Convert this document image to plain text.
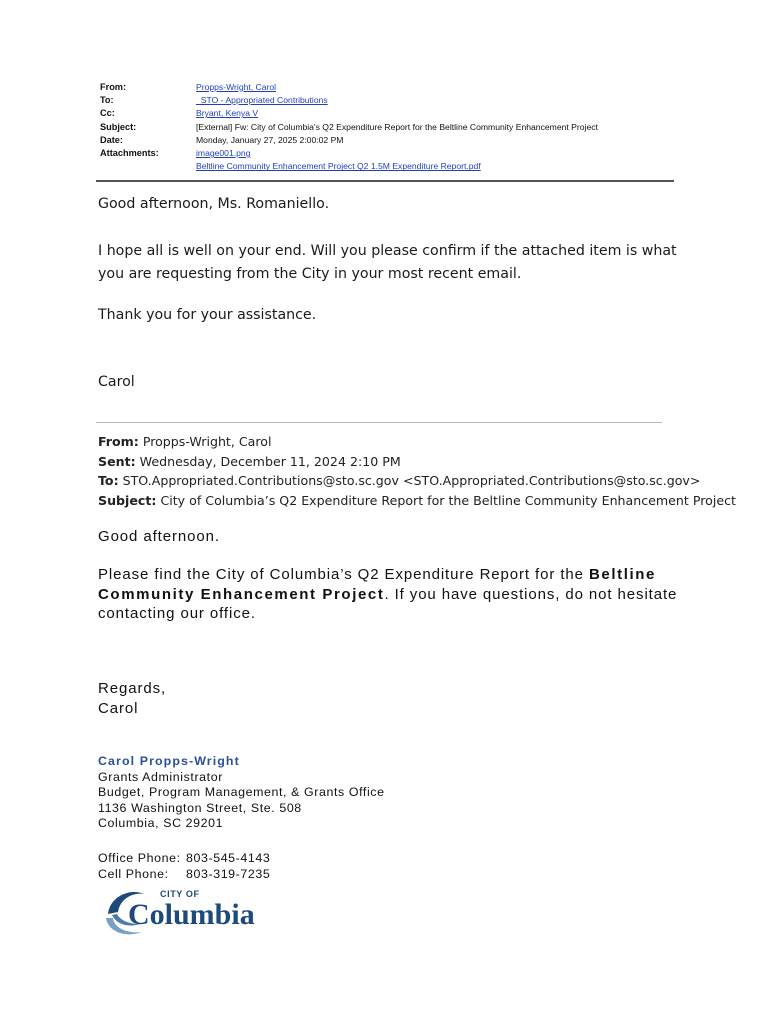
From:	Propps-Wright, Carol
To:	_STO - Appropriated Contributions
Cc:	Bryant, Kenya V
Subject:	[External] Fw: City of Columbia's Q2 Expenditure Report for the Beltline Community Enhancement Project
Date:	Monday, January 27, 2025 2:00:02 PM
Attachments:	image001.png
Beltline Community Enhancement Project Q2 1.5M Expenditure Report.pdf
Good afternoon, Ms. Romaniello.
I hope all is well on your end. Will you please confirm if the attached item is what you are requesting from the City in your most recent email.
Thank you for your assistance.
Carol
From: Propps-Wright, Carol
Sent: Wednesday, December 11, 2024 2:10 PM
To: STO.Appropriated.Contributions@sto.sc.gov <STO.Appropriated.Contributions@sto.sc.gov>
Subject: City of Columbia’s Q2 Expenditure Report for the Beltline Community Enhancement Project
Good afternoon.
Please find the City of Columbia’s Q2 Expenditure Report for the Beltline Community Enhancement Project. If you have questions, do not hesitate contacting our office.
Regards,
Carol
Carol Propps-Wright
Grants Administrator
Budget, Program Management, & Grants Office
1136 Washington Street, Ste. 508
Columbia, SC 29201
Office Phone: 803-545-4143
Cell Phone: 803-319-7235
CITY OF
Columbia
